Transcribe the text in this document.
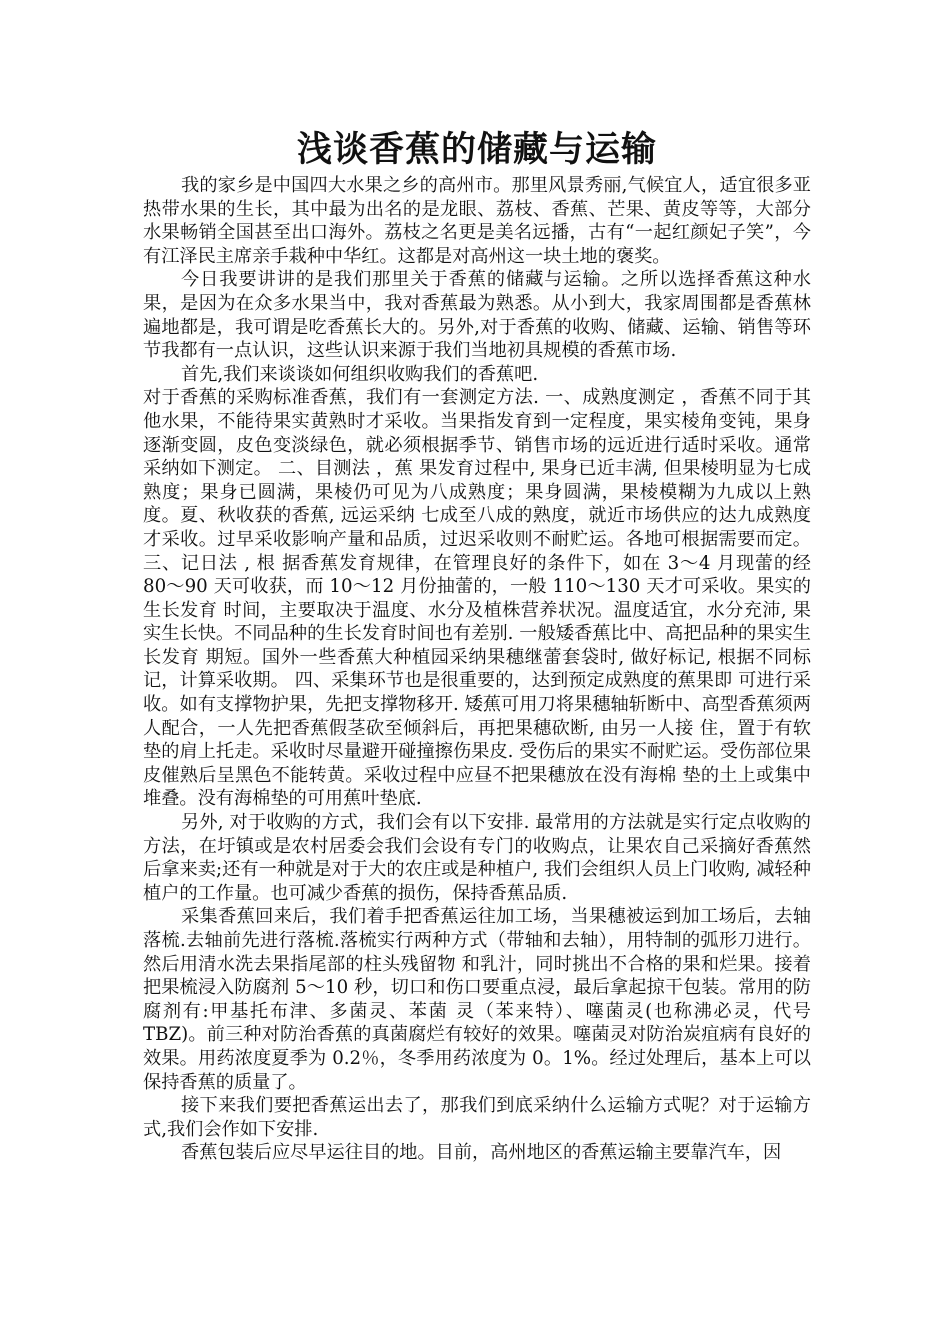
浅谈香蕉的储藏与运输

我的家乡是中国四大水果之乡的高州市。那里风景秀丽,气候宜人，适宜很多亚热带水果的生长，其中最为出名的是龙眼、荔枝、香蕉、芒果、黄皮等等，大部分水果畅销全国甚至出口海外。荔枝之名更是美名远播，古有“一起红颜妃子笑”，今有江泽民主席亲手栽种中华红。这都是对高州这一块土地的褒奖。

今日我要讲讲的是我们那里关于香蕉的储藏与运输。之所以选择香蕉这种水果，是因为在众多水果当中，我对香蕉最为熟悉。从小到大，我家周围都是香蕉林遍地都是，我可谓是吃香蕉长大的。另外,对于香蕉的收购、储藏、运输、销售等环节我都有一点认识，这些认识来源于我们当地初具规模的香蕉市场.

首先,我们来谈谈如何组织收购我们的香蕉吧.

对于香蕉的采购标准香蕉，我们有一套测定方法. 一、成熟度测定 ，香蕉不同于其他水果，不能待果实黄熟时才采收。当果指发育到一定程度，果实棱角变钝，果身逐渐变圆，皮色变淡绿色，就必须根据季节、销售市场的远近进行适时采收。通常采纳如下测定。 二、目测法 ，蕉 果发育过程中, 果身已近丰满, 但果棱明显为七成熟度；果身已圆满，果棱仍可见为八成熟度；果身圆满，果棱模糊为九成以上熟度。夏、秋收获的香蕉, 远运采纳 七成至八成的熟度，就近市场供应的达九成熟度才采收。过早采收影响产量和品质，过迟采收则不耐贮运。各地可根据需要而定。 三、记日法 , 根 据香蕉发育规律，在管理良好的条件下，如在 3～4 月现蕾的经 80～90 天可收获，而 10～12 月份抽蕾的，一般 110～130 天才可采收。果实的生长发育 时间，主要取决于温度、水分及植株营养状况。温度适宜，水分充沛, 果实生长快。不同品种的生长发育时间也有差别. 一般矮香蕉比中、高把品种的果实生长发育 期短。国外一些香蕉大种植园采纳果穗继蕾套袋时, 做好标记, 根据不同标记，计算采收期。 四、采集环节也是很重要的，达到预定成熟度的蕉果即 可进行采收。如有支撑物护果，先把支撑物移开. 矮蕉可用刀将果穗轴斩断中、高型香蕉须两人配合，一人先把香蕉假茎砍至倾斜后，再把果穗砍断, 由另一人接 住，置于有软垫的肩上托走。采收时尽量避开碰撞擦伤果皮. 受伤后的果实不耐贮运。受伤部位果皮催熟后呈黑色不能转黄。采收过程中应昼不把果穗放在没有海棉 垫的土上或集中堆叠。没有海棉垫的可用蕉叶垫底.

另外, 对于收购的方式，我们会有以下安排. 最常用的方法就是实行定点收购的方法，在圩镇或是农村居委会我们会设有专门的收购点，让果农自己采摘好香蕉然后拿来卖;还有一种就是对于大的农庄或是种植户, 我们会组织人员上门收购, 减轻种植户的工作量。也可减少香蕉的损伤，保持香蕉品质.

采集香蕉回来后，我们着手把香蕉运往加工场，当果穗被运到加工场后，去轴落梳.去轴前先进行落梳.落梳实行两种方式（带轴和去轴），用特制的弧形刀进行。然后用清水洗去果指尾部的柱头残留物 和乳汁，同时挑出不合格的果和烂果。接着把果梳浸入防腐剂 5～10 秒，切口和伤口要重点浸，最后拿起掠干包装。常用的防腐剂有:甲基托布津、多菌灵、苯菌 灵（苯来特）、噻菌灵(也称沸必灵，代号 TBZ)。前三种对防治香蕉的真菌腐烂有较好的效果。噻菌灵对防治炭疽病有良好的效果。用药浓度夏季为 0.2％，冬季用药浓度为 0。1%。经过处理后，基本上可以保持香蕉的质量了。

接下来我们要把香蕉运出去了，那我们到底采纳什么运输方式呢？对于运输方式,我们会作如下安排.

香蕉包装后应尽早运往目的地。目前，高州地区的香蕉运输主要靠汽车，因
